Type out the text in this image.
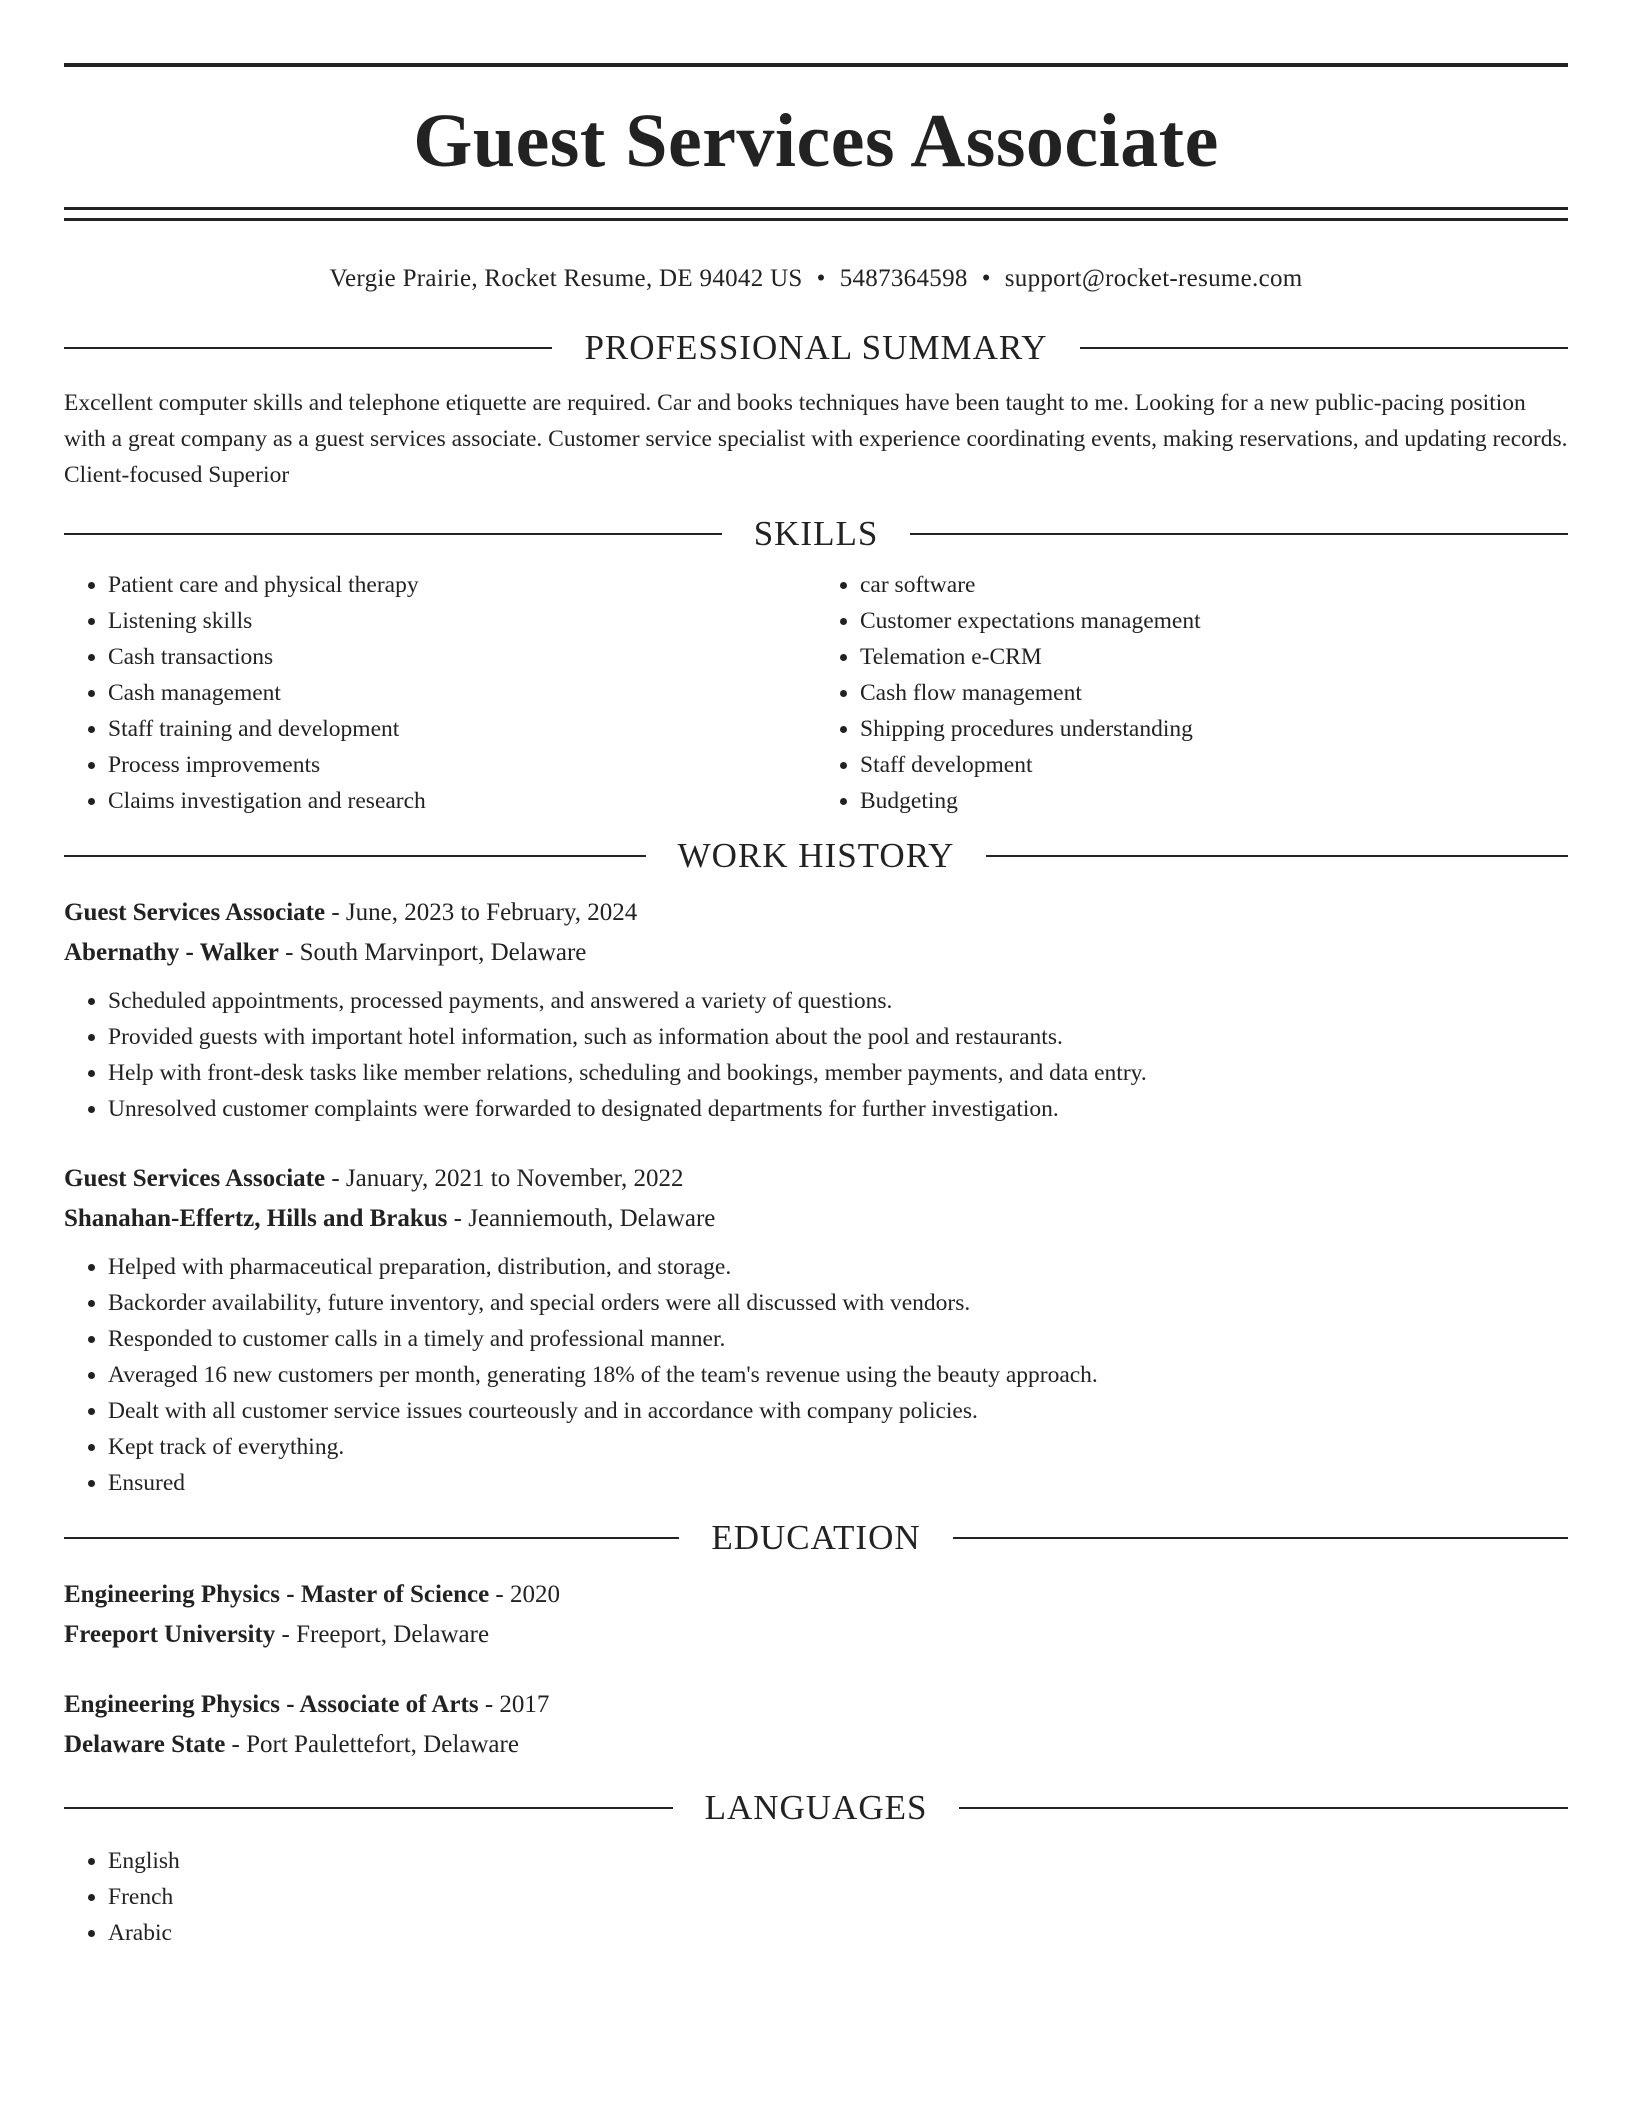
Guest Services Associate
Vergie Prairie, Rocket Resume, DE 94042 US • 5487364598 • support@rocket-resume.com
PROFESSIONAL SUMMARY

Excellent computer skills and telephone etiquette are required. Car and books techniques have been taught to me. Looking for a new public-pacing position with a great company as a guest services associate. Customer service specialist with experience coordinating events, making reservations, and updating records. Client-focused Superior

SKILLS
• Patient care and physical therapy
• Listening skills
• Cash transactions
• Cash management
• Staff training and development
• Process improvements
• Claims investigation and research
• car software
• Customer expectations management
• Telemation e-CRM
• Cash flow management
• Shipping procedures understanding
• Staff development
• Budgeting
WORK HISTORY
Guest Services Associate - June, 2023 to February, 2024
Abernathy - Walker - South Marvinport, Delaware
• Scheduled appointments, processed payments, and answered a variety of questions.
• Provided guests with important hotel information, such as information about the pool and restaurants.
• Help with front-desk tasks like member relations, scheduling and bookings, member payments, and data entry.
• Unresolved customer complaints were forwarded to designated departments for further investigation.
Guest Services Associate - January, 2021 to November, 2022
Shanahan-Effertz, Hills and Brakus - Jeanniemouth, Delaware
• Helped with pharmaceutical preparation, distribution, and storage.
• Backorder availability, future inventory, and special orders were all discussed with vendors.
• Responded to customer calls in a timely and professional manner.
• Averaged 16 new customers per month, generating 18% of the team's revenue using the beauty approach.
• Dealt with all customer service issues courteously and in accordance with company policies.
• Kept track of everything.
• Ensured
EDUCATION
Engineering Physics - Master of Science - 2020
Freeport University - Freeport, Delaware
Engineering Physics - Associate of Arts - 2017
Delaware State - Port Paulettefort, Delaware
LANGUAGES
• English
• French
• Arabic
